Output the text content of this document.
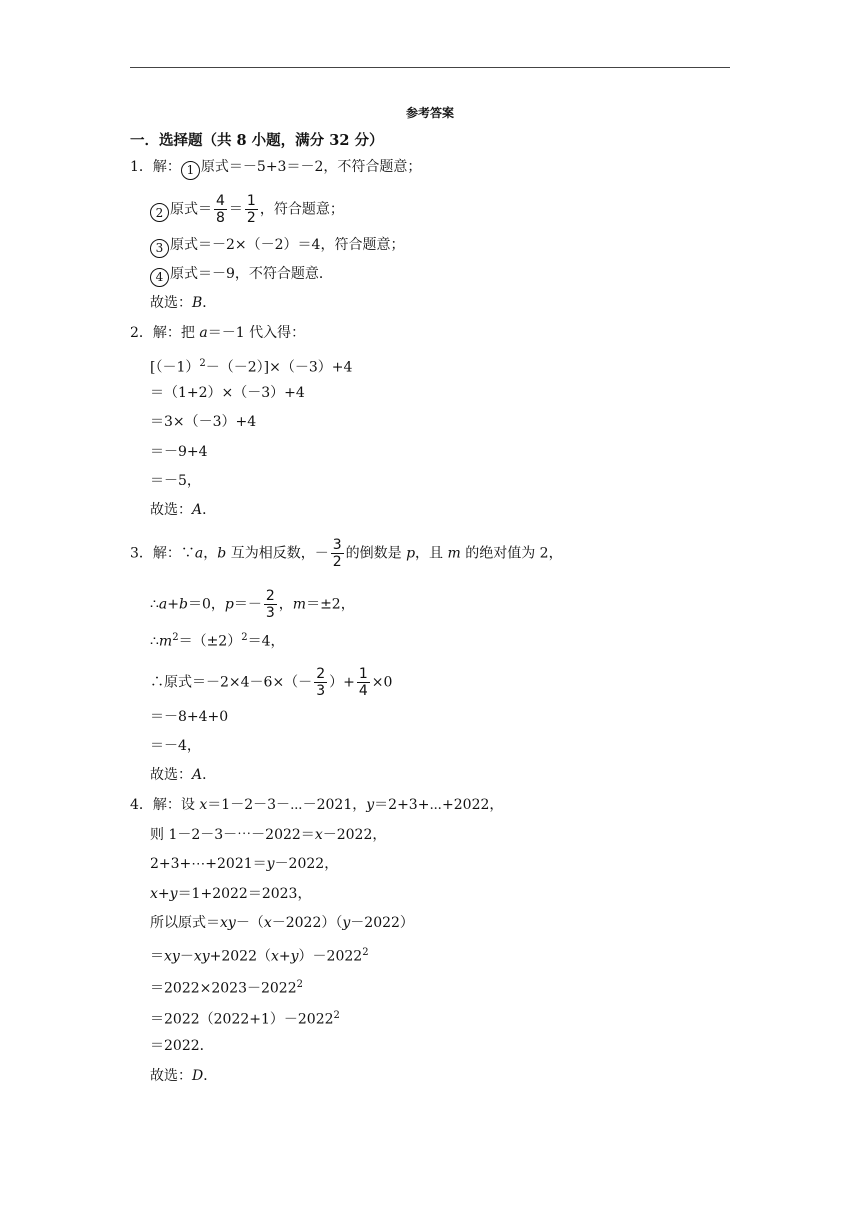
参考答案
一．选择题（共 8 小题，满分 32 分）
1．解： 1 原式＝－5+3＝－2，不符合题意；
2 原式＝ $\frac{4}{8} = \frac{1}{2}$ ，符合题意；
3 原式＝－2×（－2）＝4，符合题意；
4 原式＝－9，不符合题意．
故选：B．
2．解：把 a＝－1 代入得：
$[(-1)^2-(-2)]\times(-3)+4$
＝（1+2）×（－3）+4
＝3×（－3）+4
＝－9+4
＝－5，
故选：A．
3．解：∵a，b 互为相反数，－ $\frac{3}{2}$ 的倒数是 p，且 m 的绝对值为 2，
∴a+b＝0，$p=- \frac{2}{3}$ ，m＝±2，
$\therefore m^2=(\pm 2)^2=4$，
∴原式$=-2\times 4-6\times(- \frac{2}{3}$ ）+ $\frac{1}{4} \times 0$
＝－8+4+0
＝－4，
故选：A．
4．解：设 x＝1－2－3－⋯－2021，y＝2+3+⋯+2022，
则 1－2－3－⋯－2022＝x－2022，
2+3+⋯+2021＝y－2022，
x+y＝1+2022＝2023，
所以原式＝xy－（x－2022）（y－2022）
$=xy-xy+2022(x+y)-2022^2$
$=2022\times 2023-2022^2$
$=2022(2022+1)-2022^2$
＝2022．
故选：D．
